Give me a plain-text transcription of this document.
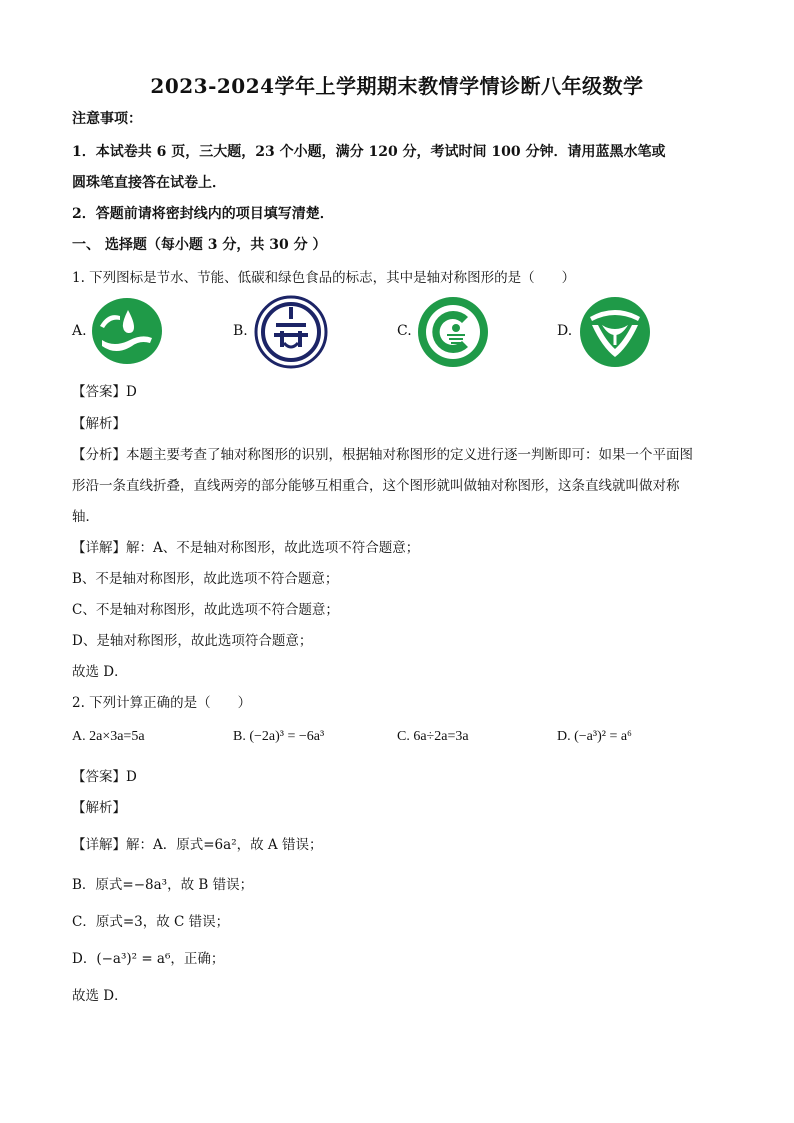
2023-2024学年上学期期末教情学情诊断八年级数学
注意事项：
1．本试卷共 6 页，三大题，23 个小题，满分 120 分，考试时间 100 分钟．请用蓝黑水笔或
圆珠笔直接答在试卷上．
2．答题前请将密封线内的项目填写清楚．
一、 选择题（每小题 3 分，共 30 分 ）
1. 下列图标是节水、节能、低碳和绿色食品的标志，其中是轴对称图形的是（　　）
A.	B.	C.	D.
【答案】D
【解析】
【分析】本题主要考查了轴对称图形的识别，根据轴对称图形的定义进行逐一判断即可：如果一个平面图
形沿一条直线折叠，直线两旁的部分能够互相重合，这个图形就叫做轴对称图形，这条直线就叫做对称
轴．
【详解】解：A、不是轴对称图形，故此选项不符合题意；
B、不是轴对称图形，故此选项不符合题意；
C、不是轴对称图形，故此选项不符合题意；
D、是轴对称图形，故此选项符合题意；
故选 D．
2. 下列计算正确的是（　　）
A. 2a×3a=5a	B. (−2a)³ = −6a³	C. 6a÷2a=3a	D. (−a³)² = a⁶
【答案】D
【解析】
【详解】解：A．原式=6a²，故 A 错误；
B．原式=−8a³，故 B 错误；
C．原式=3，故 C 错误；
D．(−a³)² = a⁶，正确；
故选 D．
